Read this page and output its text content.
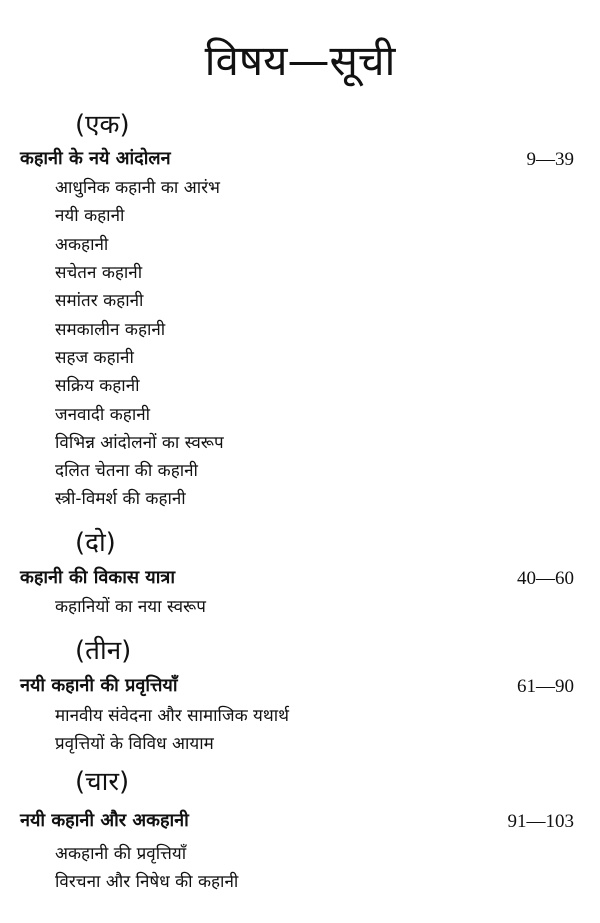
विषय—सूची
(एक)
कहानी के नये आंदोलन	9—39
आधुनिक कहानी का आरंभ
नयी कहानी
अकहानी
सचेतन कहानी
समांतर कहानी
समकालीन कहानी
सहज कहानी
सक्रिय कहानी
जनवादी कहानी
विभिन्न आंदोलनों का स्वरूप
दलित चेतना की कहानी
स्त्री-विमर्श की कहानी
(दो)
कहानी की विकास यात्रा	40—60
कहानियों का नया स्वरूप
(तीन)
नयी कहानी की प्रवृत्तियाँ	61—90
मानवीय संवेदना और सामाजिक यथार्थ
प्रवृत्तियों के विविध आयाम
(चार)
नयी कहानी और अकहानी	91—103
अकहानी की प्रवृत्तियाँ
विरचना और निषेध की कहानी
